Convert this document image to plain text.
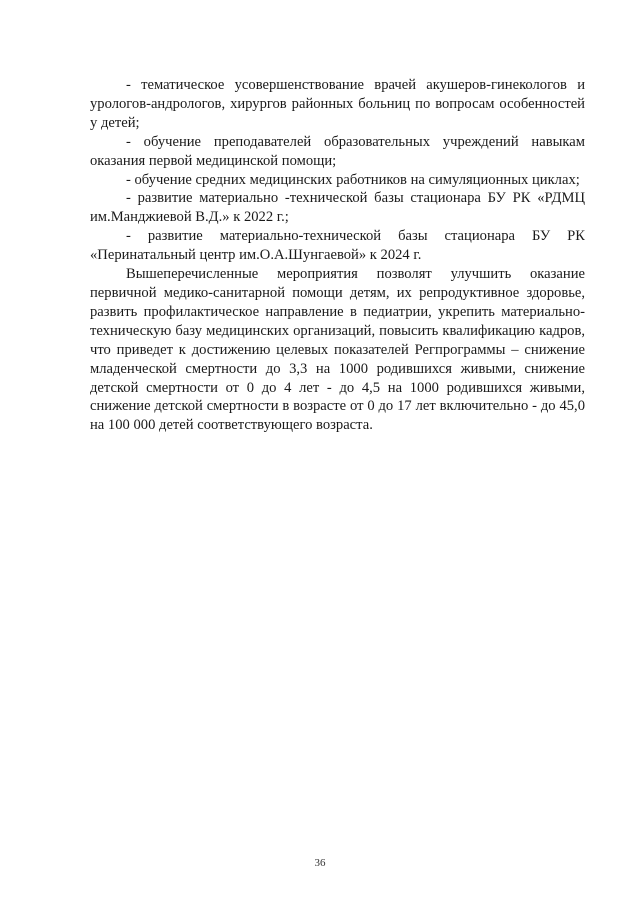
- тематическое усовершенствование врачей акушеров-гинекологов и урологов-андрологов, хирургов районных больниц по вопросам особенностей у детей;

- обучение преподавателей образовательных учреждений навыкам оказания первой медицинской помощи;

- обучение средних медицинских работников на симуляционных циклах;

- развитие материально -технической базы стационара БУ РК «РДМЦ им.Манджиевой В.Д.» к 2022 г.;

- развитие материально-технической базы стационара БУ РК «Перинатальный центр им.О.А.Шунгаевой» к 2024 г.

Вышеперечисленные мероприятия позволят улучшить оказание первичной медико-санитарной помощи детям, их репродуктивное здоровье, развить профилактическое направление в педиатрии, укрепить материально-техническую базу медицинских организаций, повысить квалификацию кадров, что приведет к достижению целевых показателей Регпрограммы – снижение младенческой смертности до 3,3 на 1000 родившихся живыми, снижение детской смертности от 0 до 4 лет - до 4,5 на 1000 родившихся живыми, снижение детской смертности в возрасте от 0 до 17 лет включительно - до 45,0 на 100 000 детей соответствующего возраста.

36
